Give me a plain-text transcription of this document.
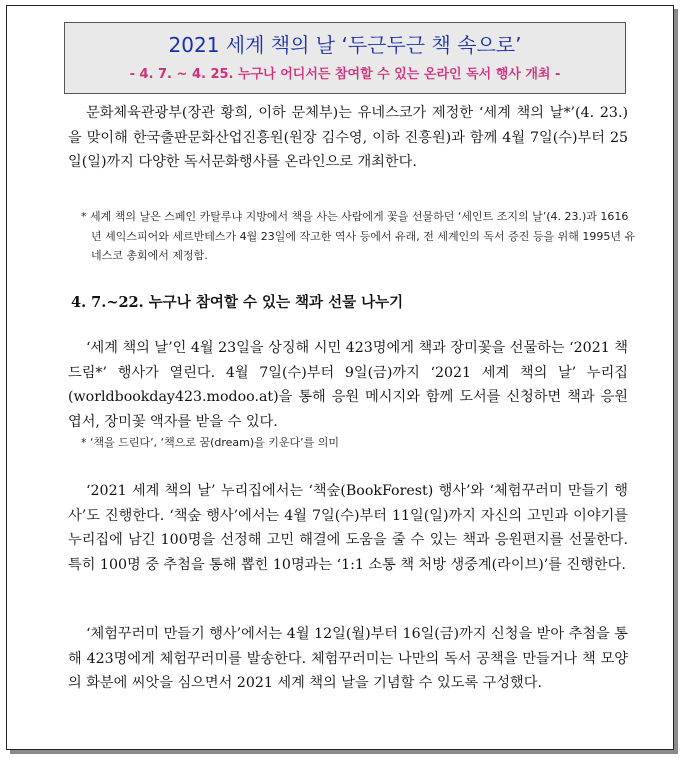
2021 세계 책의 날 ‘두근두근 책 속으로’
- 4. 7. ~ 4. 25. 누구나 어디서든 참여할 수 있는 온라인 독서 행사 개최 -
문화체육관광부(장관 황희, 이하 문체부)는 유네스코가 제정한 ‘세계 책의 날*’(4. 23.)을 맞이해 한국출판문화산업진흥원(원장 김수영, 이하 진흥원)과 함께 4월 7일(수)부터 25일(일)까지 다양한 독서문화행사를 온라인으로 개최한다.
* 세계 책의 날은 스페인 카탈루냐 지방에서 책을 사는 사람에게 꽃을 선물하던 ‘세인트 조지의 날’(4. 23.)과 1616년 셰익스피어와 세르반테스가 4월 23일에 작고한 역사 등에서 유래, 전 세계인의 독서 증진 등을 위해 1995년 유네스코 총회에서 제정함.
4. 7.~22. 누구나 참여할 수 있는 책과 선물 나누기
‘세계 책의 날’인 4월 23일을 상징해 시민 423명에게 책과 장미꽃을 선물하는 ‘2021 책드림*’ 행사가 열린다. 4월 7일(수)부터 9일(금)까지 ‘2021 세계 책의 날’ 누리집(worldbookday423.modoo.at)을 통해 응원 메시지와 함께 도서를 신청하면 책과 응원 엽서, 장미꽃 액자를 받을 수 있다.
* ‘책을 드린다’, ‘책으로 꿈(dream)을 키운다’를 의미
‘2021 세계 책의 날’ 누리집에서는 ‘책숲(BookForest) 행사’와 ‘체험꾸러미 만들기 행사’도 진행한다. ‘책숲 행사’에서는 4월 7일(수)부터 11일(일)까지 자신의 고민과 이야기를 누리집에 남긴 100명을 선정해 고민 해결에 도움을 줄 수 있는 책과 응원편지를 선물한다. 특히 100명 중 추첨을 통해 뽑힌 10명과는 ‘1:1 소통 책 처방 생중계(라이브)’를 진행한다.
‘체험꾸러미 만들기 행사’에서는 4월 12일(월)부터 16일(금)까지 신청을 받아 추첨을 통해 423명에게 체험꾸러미를 발송한다. 체험꾸러미는 나만의 독서 공책을 만들거나 책 모양의 화분에 씨앗을 심으면서 2021 세계 책의 날을 기념할 수 있도록 구성했다.
